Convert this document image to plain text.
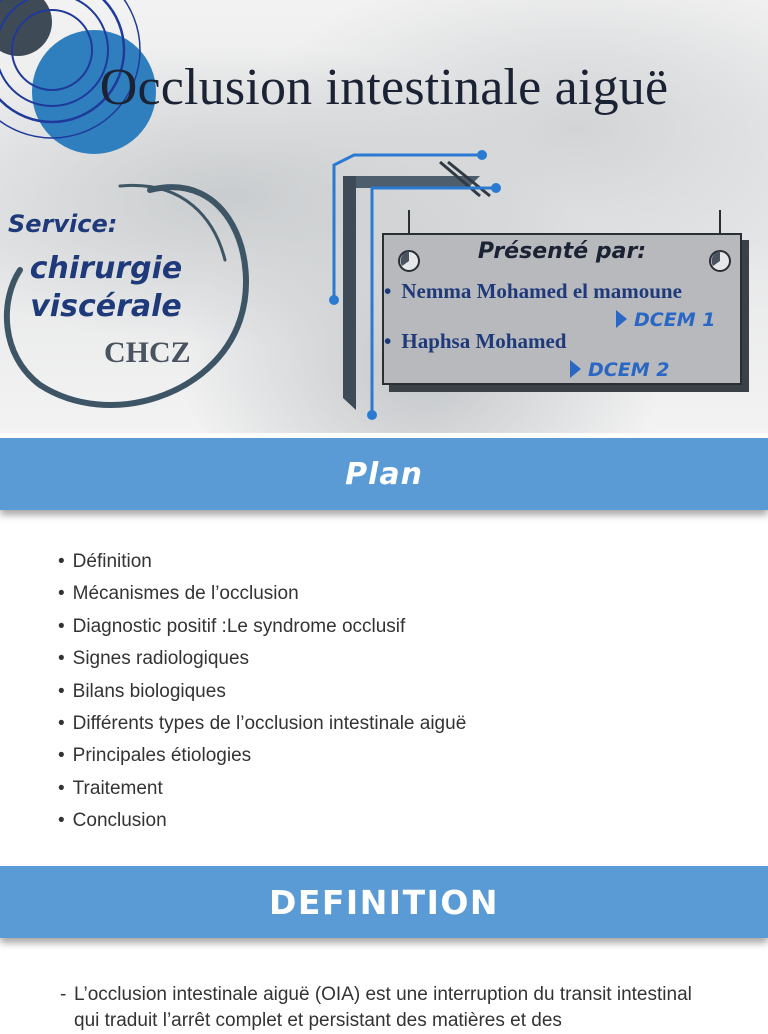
Occlusion intestinale aiguë
Service:
chirurgie viscérale
CHCZ
Présenté par:
• Nemma Mohamed el mamoune
DCEM 1
• Haphsa Mohamed
DCEM 2
Plan
• Définition
• Mécanismes de l’occlusion
• Diagnostic positif :Le syndrome occlusif
• Signes radiologiques
• Bilans biologiques
• Différents types de l’occlusion intestinale aiguë
• Principales étiologies
• Traitement
• Conclusion
DEFINITION
- L’occlusion intestinale aiguë (OIA) est une interruption du transit intestinal qui traduit l’arrêt complet et persistant des matières et des
